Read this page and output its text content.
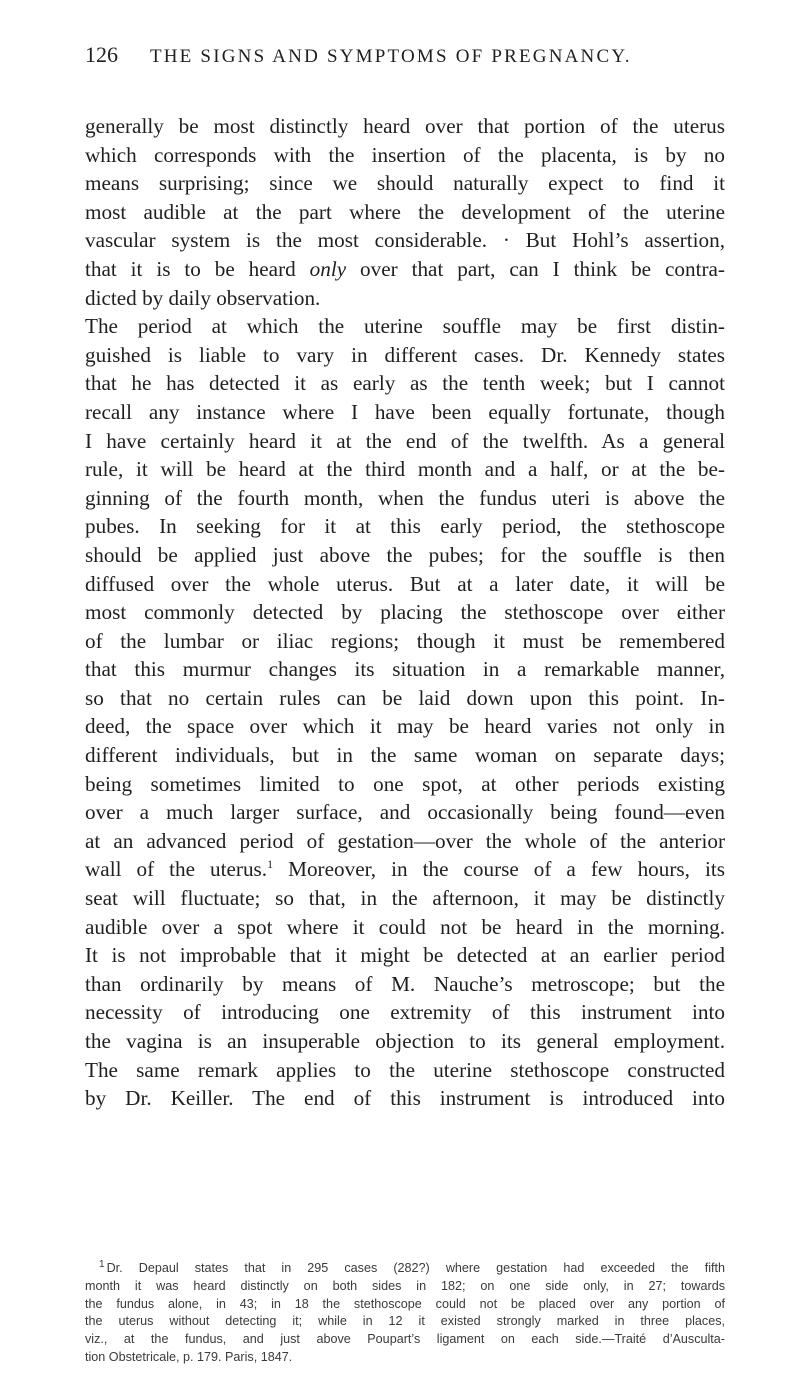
126 THE SIGNS AND SYMPTOMS OF PREGNANCY.
generally be most distinctly heard over that portion of the uterus
which corresponds with the insertion of the placenta, is by no
means surprising; since we should naturally expect to find it
most audible at the part where the development of the uterine
vascular system is the most considerable. · But Hohl’s assertion,
that it is to be heard only over that part, can I think be contra-
dicted by daily observation.
The period at which the uterine souffle may be first distin-
guished is liable to vary in different cases. Dr. Kennedy states
that he has detected it as early as the tenth week; but I cannot
recall any instance where I have been equally fortunate, though
I have certainly heard it at the end of the twelfth. As a general
rule, it will be heard at the third month and a half, or at the be-
ginning of the fourth month, when the fundus uteri is above the
pubes. In seeking for it at this early period, the stethoscope
should be applied just above the pubes; for the souffle is then
diffused over the whole uterus. But at a later date, it will be
most commonly detected by placing the stethoscope over either
of the lumbar or iliac regions; though it must be remembered
that this murmur changes its situation in a remarkable manner,
so that no certain rules can be laid down upon this point. In-
deed, the space over which it may be heard varies not only in
different individuals, but in the same woman on separate days;
being sometimes limited to one spot, at other periods existing
over a much larger surface, and occasionally being found—even
at an advanced period of gestation—over the whole of the anterior
wall of the uterus.$^1$ Moreover, in the course of a few hours, its
seat will fluctuate; so that, in the afternoon, it may be distinctly
audible over a spot where it could not be heard in the morning.
It is not improbable that it might be detected at an earlier period
than ordinarily by means of M. Nauche’s metroscope; but the
necessity of introducing one extremity of this instrument into
the vagina is an insuperable objection to its general employment.
The same remark applies to the uterine stethoscope constructed
by Dr. Keiller. The end of this instrument is introduced into
$^1$ Dr. Depaul states that in 295 cases (282?) where gestation had exceeded the fifth
month it was heard distinctly on both sides in 182; on one side only, in 27; towards
the fundus alone, in 43; in 18 the stethoscope could not be placed over any portion of
the uterus without detecting it; while in 12 it existed strongly marked in three places,
viz., at the fundus, and just above Poupart’s ligament on each side.—Traité d’Ausculta-
tion Obstetricale, p. 179. Paris, 1847.
